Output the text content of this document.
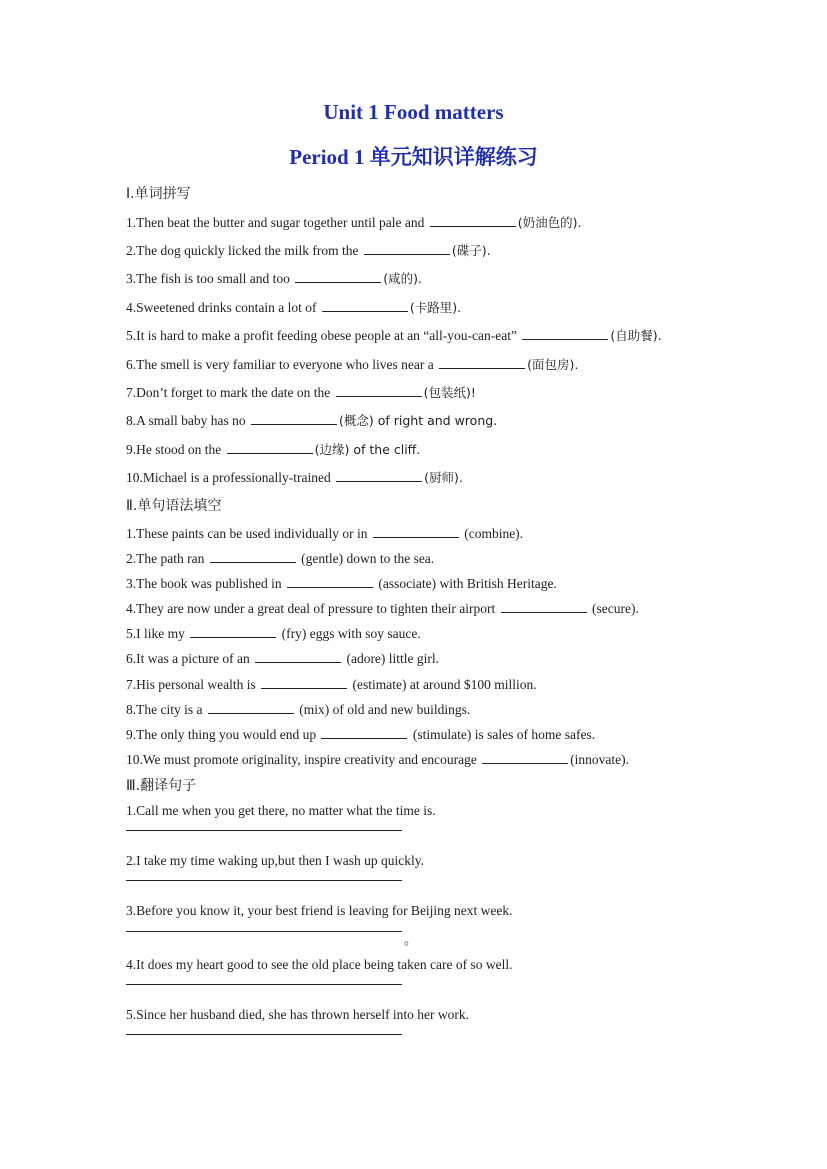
Unit 1 Food matters
Period 1 单元知识详解练习
Ⅰ.单词拼写
1.Then beat the butter and sugar together until pale and	(奶油色的).
2.The dog quickly licked the milk from the	(碟子).
3.The fish is too small and too	(咸的).
4.Sweetened drinks contain a lot of	(卡路里).
5.It is hard to make a profit feeding obese people at an “all-you-can-eat”	(自助餐).
6.The smell is very familiar to everyone who lives near a	(面包房).
7.Don’t forget to mark the date on the	(包装纸)!
8.A small baby has no	(概念) of right and wrong.
9.He stood on the	(边缘) of the cliff.
10.Michael is a professionally-trained	(厨师).
Ⅱ.单句语法填空
1.These paints can be used individually or in	(combine).
2.The path ran	(gentle) down to the sea.
3.The book was published in	(associate) with British Heritage.
4.They are now under a great deal of pressure to tighten their airport	(secure).
5.I like my	(fry) eggs with soy sauce.
6.It was a picture of an	(adore) little girl.
7.His personal wealth is	(estimate) at around $100 million.
8.The city is a	(mix) of old and new buildings.
9.The only thing you would end up	(stimulate) is sales of home safes.
10.We must promote originality, inspire creativity and encourage	(innovate).
Ⅲ.翻译句子
1.Call me when you get there, no matter what the time is.
2.I take my time waking up,but then I wash up quickly.
3.Before you know it, your best friend is leaving for Beijing next week.
。
4.It does my heart good to see the old place being taken care of so well.
5.Since her husband died, she has thrown herself into her work.
